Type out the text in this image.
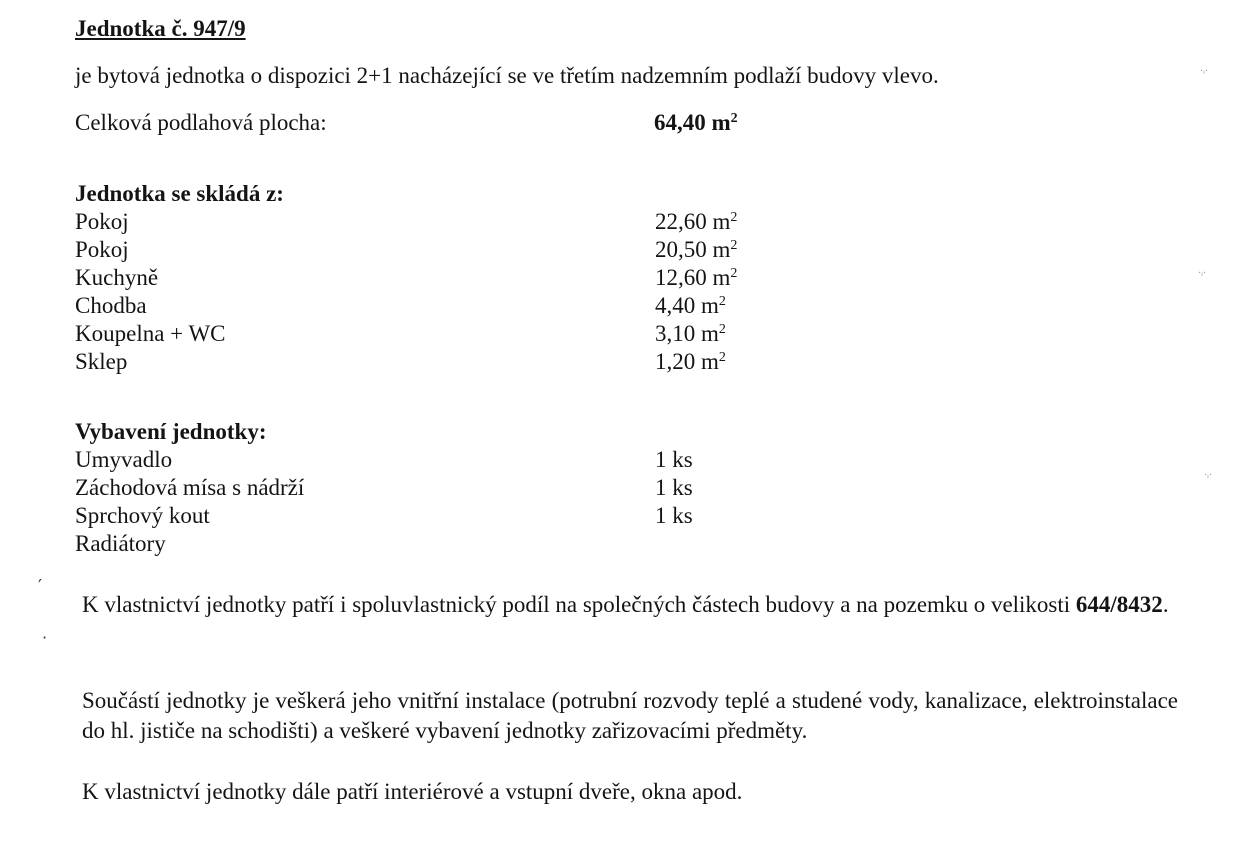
Jednotka č. 947/9
je bytová jednotka o dispozici 2+1 nacházející se ve třetím nadzemním podlaží budovy vlevo.
Celková podlahová plocha:	64,40 $m^2$
Jednotka se skládá z:
Pokoj	22,60 $m^2$
Pokoj	20,50 $m^2$
Kuchyně	12,60 $m^2$
Chodba	4,40 $m^2$
Koupelna + WC	3,10 $m^2$
Sklep	1,20 $m^2$
Vybavení jednotky:
Umyvadlo	1 ks
Záchodová mísa s nádrží	1 ks
Sprchový kout	1 ks
Radiátory
K vlastnictví jednotky patří i spoluvlastnický podíl na společných částech budovy a na pozemku o velikosti 644/8432.
Součástí jednotky je veškerá jeho vnitřní instalace (potrubní rozvody teplé a studené vody, kanalizace, elektroinstalace do hl. jističe na schodišti) a veškeré vybavení jednotky zařizovacími předměty.
K vlastnictví jednotky dále patří interiérové a vstupní dveře, okna apod.
·ᵢ·
·ᵢ·
·ᵢ·
′
·
